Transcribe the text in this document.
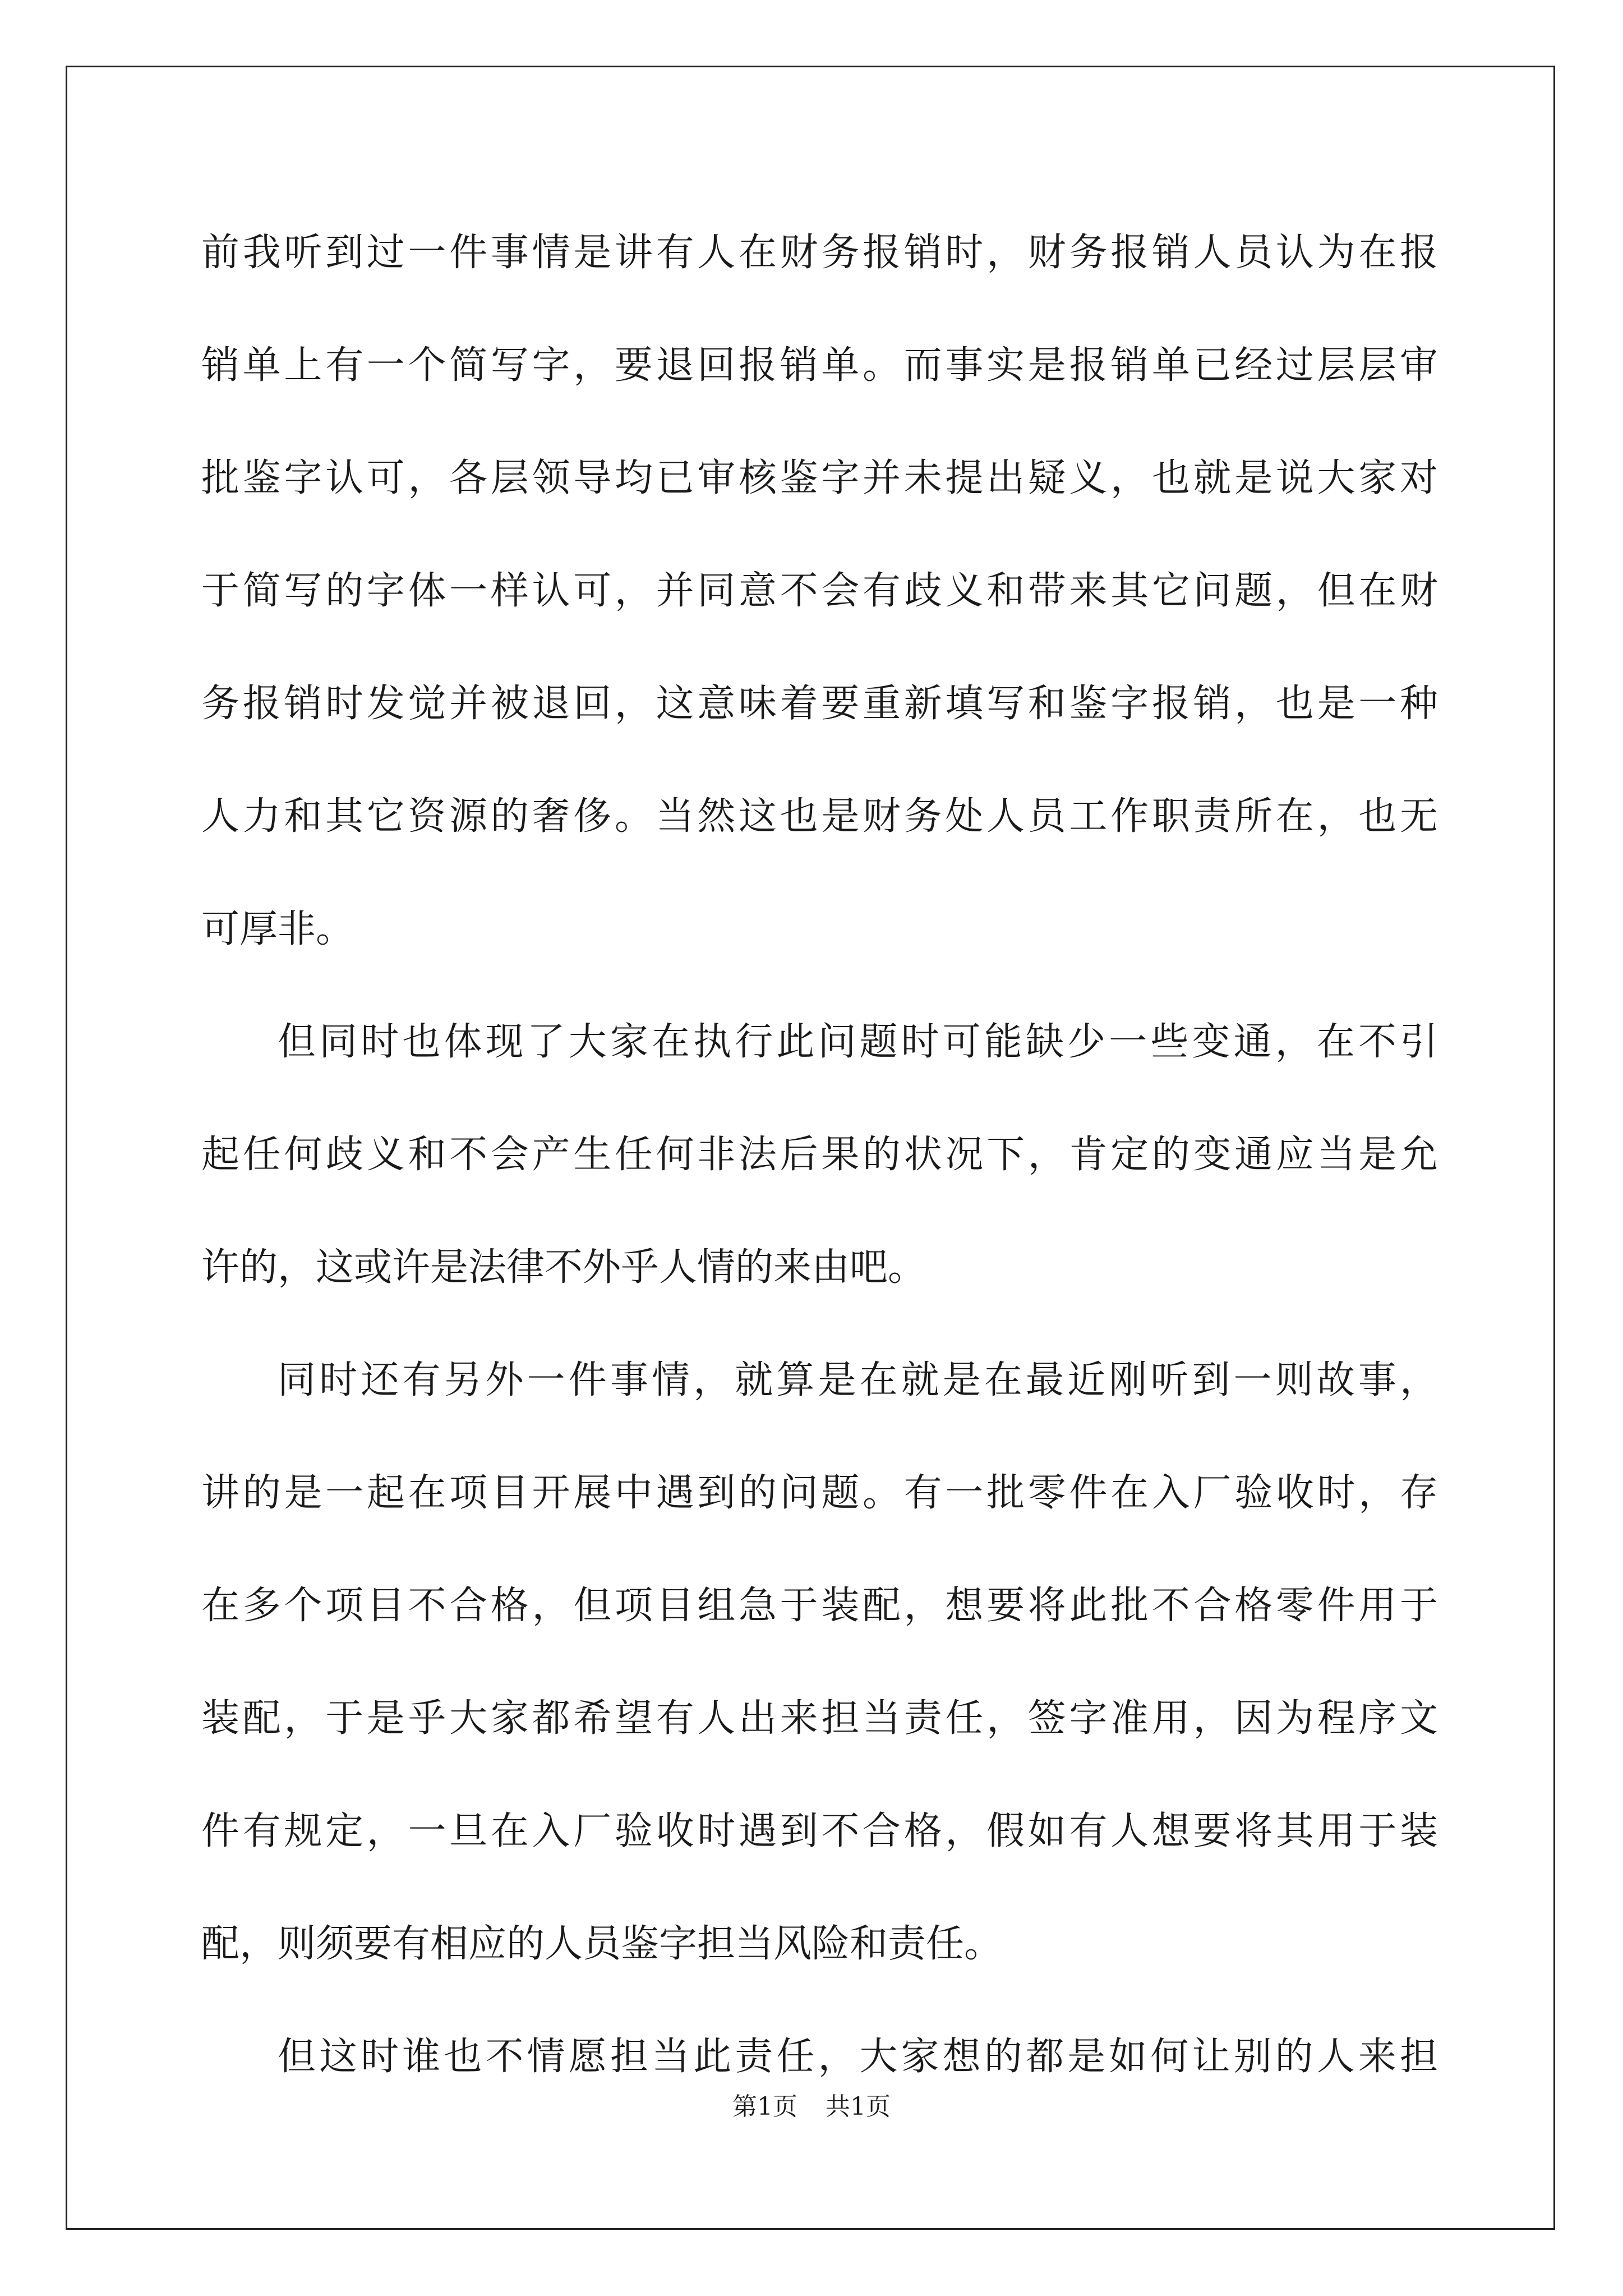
前我听到过一件事情是讲有人在财务报销时，财务报销人员认为在报
销单上有一个简写字，要退回报销单。而事实是报销单已经过层层审
批鉴字认可，各层领导均已审核鉴字并未提出疑义，也就是说大家对
于简写的字体一样认可，并同意不会有歧义和带来其它问题，但在财
务报销时发觉并被退回，这意味着要重新填写和鉴字报销，也是一种
人力和其它资源的奢侈。当然这也是财务处人员工作职责所在，也无
可厚非。
但同时也体现了大家在执行此问题时可能缺少一些变通，在不引
起任何歧义和不会产生任何非法后果的状况下，肯定的变通应当是允
许的，这或许是法律不外乎人情的来由吧。
同时还有另外一件事情，就算是在就是在最近刚听到一则故事，
讲的是一起在项目开展中遇到的问题。有一批零件在入厂验收时，存
在多个项目不合格，但项目组急于装配，想要将此批不合格零件用于
装配，于是乎大家都希望有人出来担当责任，签字准用，因为程序文
件有规定，一旦在入厂验收时遇到不合格，假如有人想要将其用于装
配，则须要有相应的人员鉴字担当风险和责任。
但这时谁也不情愿担当此责任，大家想的都是如何让别的人来担
第1页 共1页
